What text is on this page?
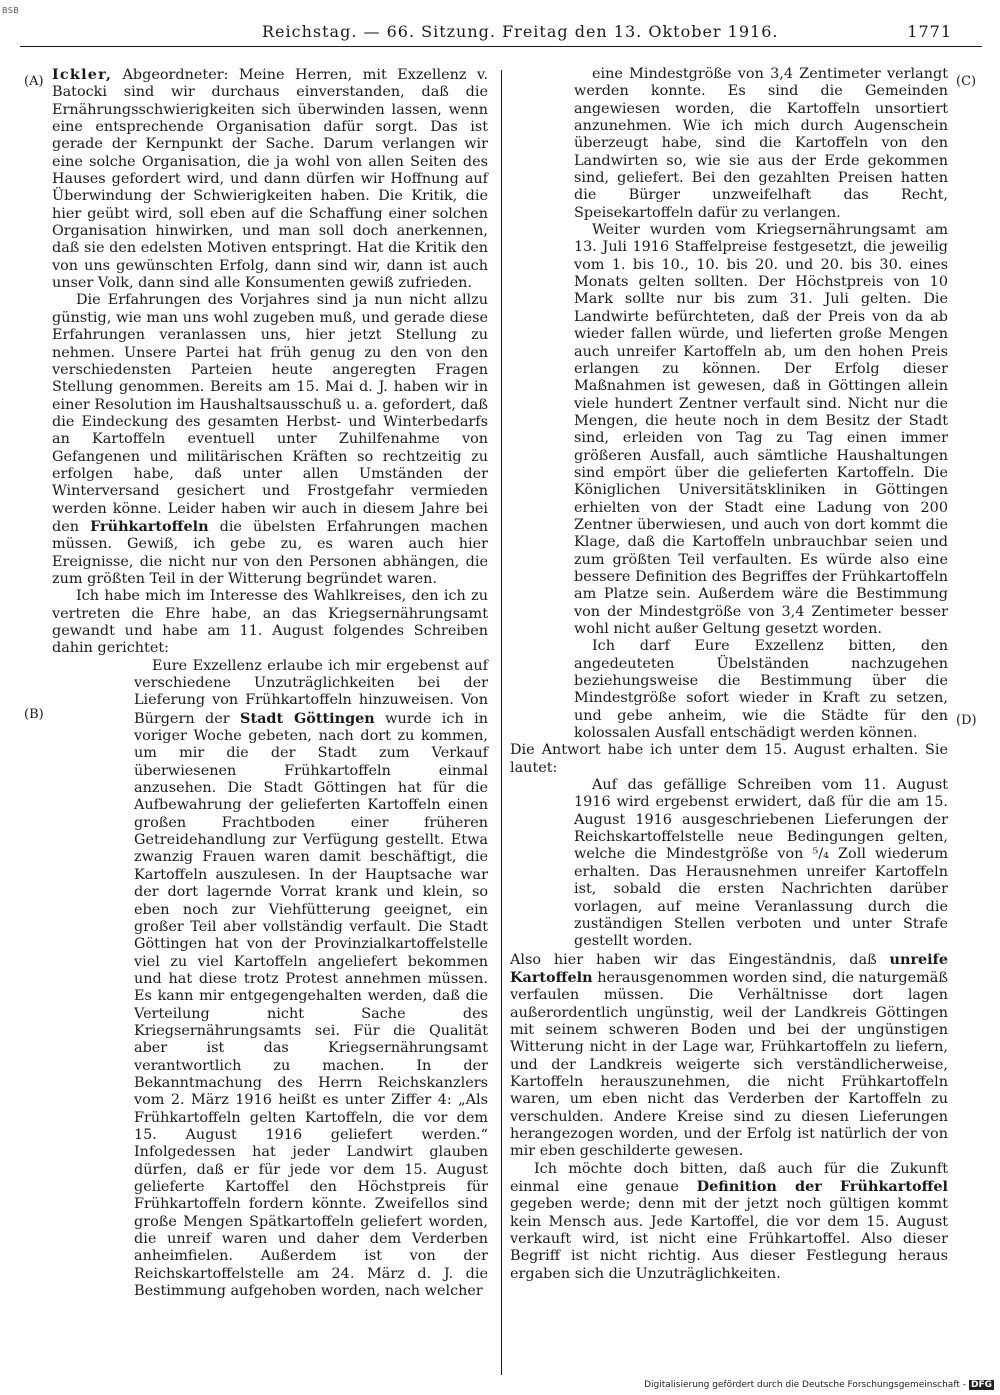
BSB
Reichstag. — 66. Sitzung. Freitag den 13. Oktober 1916.	1771
(A)
(B)
(C)
(D)

Ickler, Abgeordneter: Meine Herren, mit Exzellenz v. Batocki sind wir durchaus einverstanden, daß die Ernährungsschwierigkeiten sich überwinden lassen, wenn eine entsprechende Organisation dafür sorgt. Das ist gerade der Kernpunkt der Sache. Darum verlangen wir eine solche Organisation, die ja wohl von allen Seiten des Hauses gefordert wird, und dann dürfen wir Hoffnung auf Überwindung der Schwierigkeiten haben. Die Kritik, die hier geübt wird, soll eben auf die Schaffung einer solchen Organisation hinwirken, und man soll doch anerkennen, daß sie den edelsten Motiven entspringt. Hat die Kritik den von uns gewünschten Erfolg, dann sind wir, dann ist auch unser Volk, dann sind alle Konsumenten gewiß zufrieden.

Die Erfahrungen des Vorjahres sind ja nun nicht allzu günstig, wie man uns wohl zugeben muß, und gerade diese Erfahrungen veranlassen uns, hier jetzt Stellung zu nehmen. Unsere Partei hat früh genug zu den von den verschiedensten Parteien heute angeregten Fragen Stellung genommen. Bereits am 15. Mai d. J. haben wir in einer Resolution im Haushaltsausschuß u. a. gefordert, daß die Eindeckung des gesamten Herbst- und Winterbedarfs an Kartoffeln eventuell unter Zuhilfenahme von Gefangenen und militärischen Kräften so rechtzeitig zu erfolgen habe, daß unter allen Umständen der Winterversand gesichert und Frostgefahr vermieden werden könne. Leider haben wir auch in diesem Jahre bei den Frühkartoffeln die übelsten Erfahrungen machen müssen. Gewiß, ich gebe zu, es waren auch hier Ereignisse, die nicht nur von den Personen abhängen, die zum größten Teil in der Witterung begründet waren.

Ich habe mich im Interesse des Wahlkreises, den ich zu vertreten die Ehre habe, an das Kriegsernährungsamt gewandt und habe am 11. August folgendes Schreiben dahin gerichtet:

Eure Exzellenz erlaube ich mir ergebenst auf verschiedene Unzuträglichkeiten bei der Lieferung von Frühkartoffeln hinzuweisen. Von Bürgern der Stadt Göttingen wurde ich in voriger Woche gebeten, nach dort zu kommen, um mir die der Stadt zum Verkauf überwiesenen Frühkartoffeln einmal anzusehen. Die Stadt Göttingen hat für die Aufbewahrung der gelieferten Kartoffeln einen großen Frachtboden einer früheren Getreidehandlung zur Verfügung gestellt. Etwa zwanzig Frauen waren damit beschäftigt, die Kartoffeln auszulesen. In der Hauptsache war der dort lagernde Vorrat krank und klein, so eben noch zur Viehfütterung geeignet, ein großer Teil aber vollständig verfault. Die Stadt Göttingen hat von der Provinzialkartoffelstelle viel zu viel Kartoffeln angeliefert bekommen und hat diese trotz Protest annehmen müssen. Es kann mir entgegengehalten werden, daß die Verteilung nicht Sache des Kriegsernährungsamts sei. Für die Qualität aber ist das Kriegsernährungsamt verantwortlich zu machen. In der Bekanntmachung des Herrn Reichskanzlers vom 2. März 1916 heißt es unter Ziffer 4: „Als Frühkartoffeln gelten Kartoffeln, die vor dem 15. August 1916 geliefert werden.“ Infolgedessen hat jeder Landwirt glauben dürfen, daß er für jede vor dem 15. August gelieferte Kartoffel den Höchstpreis für Frühkartoffeln fordern könnte. Zweifellos sind große Mengen Spätkartoffeln geliefert worden, die unreif waren und daher dem Verderben anheimfielen. Außerdem ist von der Reichskartoffelstelle am 24. März d. J. die Bestimmung aufgehoben worden, nach welcher

eine Mindestgröße von 3,4 Zentimeter verlangt werden konnte. Es sind die Gemeinden angewiesen worden, die Kartoffeln unsortiert anzunehmen. Wie ich mich durch Augenschein überzeugt habe, sind die Kartoffeln von den Landwirten so, wie sie aus der Erde gekommen sind, geliefert. Bei den gezahlten Preisen hatten die Bürger unzweifelhaft das Recht, Speisekartoffeln dafür zu verlangen.

Weiter wurden vom Kriegsernährungsamt am 13. Juli 1916 Staffelpreise festgesetzt, die jeweilig vom 1. bis 10., 10. bis 20. und 20. bis 30. eines Monats gelten sollten. Der Höchstpreis von 10 Mark sollte nur bis zum 31. Juli gelten. Die Landwirte befürchteten, daß der Preis von da ab wieder fallen würde, und lieferten große Mengen auch unreifer Kartoffeln ab, um den hohen Preis erlangen zu können. Der Erfolg dieser Maßnahmen ist gewesen, daß in Göttingen allein viele hundert Zentner verfault sind. Nicht nur die Mengen, die heute noch in dem Besitz der Stadt sind, erleiden von Tag zu Tag einen immer größeren Ausfall, auch sämtliche Haushaltungen sind empört über die gelieferten Kartoffeln. Die Königlichen Universitätskliniken in Göttingen erhielten von der Stadt eine Ladung von 200 Zentner überwiesen, und auch von dort kommt die Klage, daß die Kartoffeln unbrauchbar seien und zum größten Teil verfaulten. Es würde also eine bessere Definition des Begriffes der Frühkartoffeln am Platze sein. Außerdem wäre die Bestimmung von der Mindestgröße von 3,4 Zentimeter besser wohl nicht außer Geltung gesetzt worden.

Ich darf Eure Exzellenz bitten, den angedeuteten Übelständen nachzugehen beziehungsweise die Bestimmung über die Mindestgröße sofort wieder in Kraft zu setzen, und gebe anheim, wie die Städte für den kolossalen Ausfall entschädigt werden können.

Die Antwort habe ich unter dem 15. August erhalten. Sie lautet:

Auf das gefällige Schreiben vom 11. August 1916 wird ergebenst erwidert, daß für die am 15. August 1916 ausgeschriebenen Lieferungen der Reichskartoffelstelle neue Bedingungen gelten, welche die Mindestgröße von ⁵/₄ Zoll wiederum erhalten. Das Herausnehmen unreifer Kartoffeln ist, sobald die ersten Nachrichten darüber vorlagen, auf meine Veranlassung durch die zuständigen Stellen verboten und unter Strafe gestellt worden.

Also hier haben wir das Eingeständnis, daß unreife Kartoffeln herausgenommen worden sind, die naturgemäß verfaulen müssen. Die Verhältnisse dort lagen außerordentlich ungünstig, weil der Landkreis Göttingen mit seinem schweren Boden und bei der ungünstigen Witterung nicht in der Lage war, Frühkartoffeln zu liefern, und der Landkreis weigerte sich verständlicherweise, Kartoffeln herauszunehmen, die nicht Frühkartoffeln waren, um eben nicht das Verderben der Kartoffeln zu verschulden. Andere Kreise sind zu diesen Lieferungen herangezogen worden, und der Erfolg ist natürlich der von mir eben geschilderte gewesen.

Ich möchte doch bitten, daß auch für die Zukunft einmal eine genaue Definition der Frühkartoffel gegeben werde; denn mit der jetzt noch gültigen kommt kein Mensch aus. Jede Kartoffel, die vor dem 15. August verkauft wird, ist nicht eine Frühkartoffel. Also dieser Begriff ist nicht richtig. Aus dieser Festlegung heraus ergaben sich die Unzuträglichkeiten.

Digitalisierung gefördert durch die Deutsche Forschungsgemeinschaft - DFG
